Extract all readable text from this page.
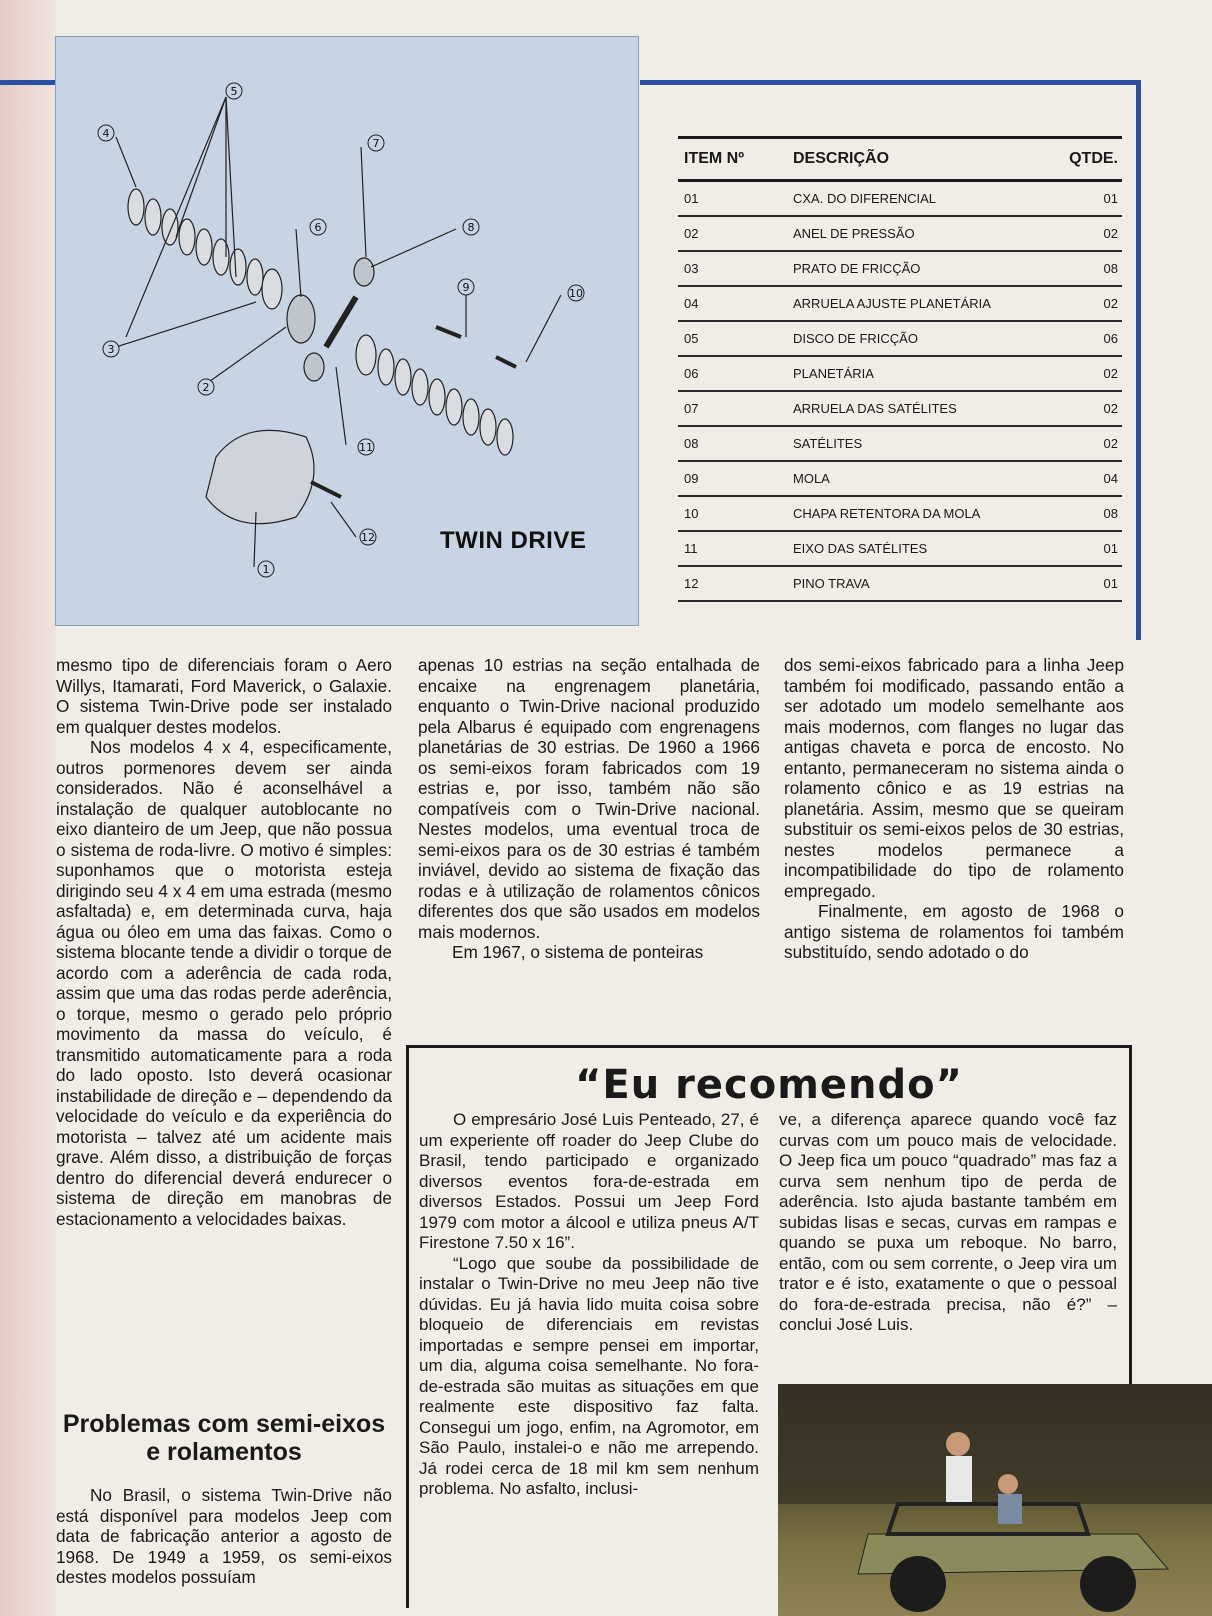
5
4
7
6	8
9	10
3
2
11
12
1
TWIN DRIVE
ITEM Nº	DESCRIÇÃO	QTDE.
01	CXA. DO DIFERENCIAL	01
02	ANEL DE PRESSÃO	02
03	PRATO DE FRICÇÃO	08
04	ARRUELA AJUSTE PLANETÁRIA	02
05	DISCO DE FRICÇÃO	06
06	PLANETÁRIA	02
07	ARRUELA DAS SATÉLITES	02
08	SATÉLITES	02
09	MOLA	04
10	CHAPA RETENTORA DA MOLA	08
11	EIXO DAS SATÉLITES	01
12	PINO TRAVA	01

mesmo tipo de diferenciais foram o Aero Willys, Itamarati, Ford Maverick, o Galaxie. O sistema Twin-Drive pode ser instalado em qualquer destes modelos.

Nos modelos 4 x 4, especificamente, outros pormenores devem ser ainda considerados. Não é aconselhável a instalação de qualquer autoblocante no eixo dianteiro de um Jeep, que não possua o sistema de roda-livre. O motivo é simples: suponhamos que o motorista esteja dirigindo seu 4 x 4 em uma estrada (mesmo asfaltada) e, em determinada curva, haja água ou óleo em uma das faixas. Como o sistema blocante tende a dividir o torque de acordo com a aderência de cada roda, assim que uma das rodas perde aderência, o torque, mesmo o gerado pelo próprio movimento da massa do veículo, é transmitido automaticamente para a roda do lado oposto. Isto deverá ocasionar instabilidade de direção e – dependendo da velocidade do veículo e da experiência do motorista – talvez até um acidente mais grave. Além disso, a distribuição de forças dentro do diferencial deverá endurecer o sistema de direção em manobras de estacionamento a velocidades baixas.

Problemas com semi-eixos e rolamentos

No Brasil, o sistema Twin-Drive não está disponível para modelos Jeep com data de fabricação anterior a agosto de 1968. De 1949 a 1959, os semi-eixos destes modelos possuíam

apenas 10 estrias na seção entalhada de encaixe na engrenagem planetária, enquanto o Twin-Drive nacional produzido pela Albarus é equipado com engrenagens planetárias de 30 estrias. De 1960 a 1966 os semi-eixos foram fabricados com 19 estrias e, por isso, também não são compatíveis com o Twin-Drive nacional. Nestes modelos, uma eventual troca de semi-eixos para os de 30 estrias é também inviável, devido ao sistema de fixação das rodas e à utilização de rolamentos cônicos diferentes dos que são usados em modelos mais modernos.

Em 1967, o sistema de ponteiras

dos semi-eixos fabricado para a linha Jeep também foi modificado, passando então a ser adotado um modelo semelhante aos mais modernos, com flanges no lugar das antigas chaveta e porca de encosto. No entanto, permaneceram no sistema ainda o rolamento cônico e as 19 estrias na planetária. Assim, mesmo que se queiram substituir os semi-eixos pelos de 30 estrias, nestes modelos permanece a incompatibilidade do tipo de rolamento empregado.

Finalmente, em agosto de 1968 o antigo sistema de rolamentos foi também substituído, sendo adotado o do

“Eu recomendo”

O empresário José Luis Penteado, 27, é um experiente off roader do Jeep Clube do Brasil, tendo participado e organizado diversos eventos fora-de-estrada em diversos Estados. Possui um Jeep Ford 1979 com motor a álcool e utiliza pneus A/T Firestone 7.50 x 16”.

“Logo que soube da possibilidade de instalar o Twin-Drive no meu Jeep não tive dúvidas. Eu já havia lido muita coisa sobre bloqueio de diferenciais em revistas importadas e sempre pensei em importar, um dia, alguma coisa semelhante. No fora-de-estrada são muitas as situações em que realmente este dispositivo faz falta. Consegui um jogo, enfim, na Agromotor, em São Paulo, instalei-o e não me arrependo. Já rodei cerca de 18 mil km sem nenhum problema. No asfalto, inclusi-

ve, a diferença aparece quando você faz curvas com um pouco mais de velocidade. O Jeep fica um pouco “quadrado” mas faz a curva sem nenhum tipo de perda de aderência. Isto ajuda bastante também em subidas lisas e secas, curvas em rampas e quando se puxa um reboque. No barro, então, com ou sem corrente, o Jeep vira um trator e é isto, exatamente o que o pessoal do fora-de-estrada precisa, não é?” – conclui José Luis.
